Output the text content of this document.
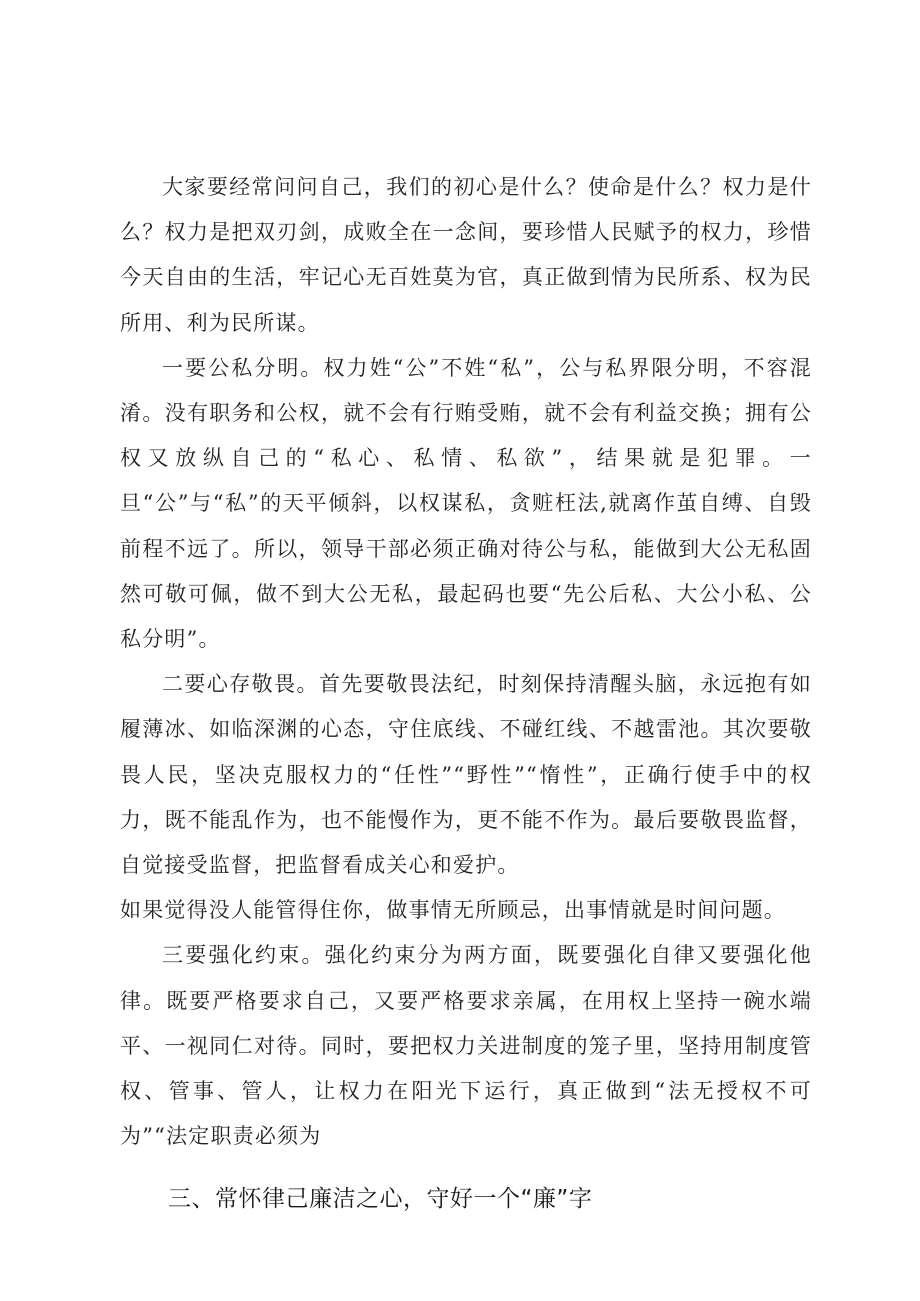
大家要经常问问自己，我们的初心是什么？使命是什么？权力是什么？权力是把双刃剑，成败全在一念间，要珍惜人民赋予的权力，珍惜今天自由的生活，牢记心无百姓莫为官，真正做到情为民所系、权为民所用、利为民所谋。

一要公私分明。权力姓“公”不姓“私”，公与私界限分明，不容混淆。没有职务和公权，就不会有行贿受贿，就不会有利益交换；拥有公权又放纵自己的“私心、私情、私欲”，结果就是犯罪。一旦“公”与“私”的天平倾斜，以权谋私，贪赃枉法,就离作茧自缚、自毁前程不远了。所以，领导干部必须正确对待公与私，能做到大公无私固然可敬可佩，做不到大公无私，最起码也要“先公后私、大公小私、公私分明”。

二要心存敬畏。首先要敬畏法纪，时刻保持清醒头脑，永远抱有如履薄冰、如临深渊的心态，守住底线、不碰红线、不越雷池。其次要敬畏人民，坚决克服权力的“任性”“野性”“惰性”，正确行使手中的权力，既不能乱作为，也不能慢作为，更不能不作为。最后要敬畏监督，自觉接受监督，把监督看成关心和爱护。

如果觉得没人能管得住你，做事情无所顾忌，出事情就是时间问题。

三要强化约束。强化约束分为两方面，既要强化自律又要强化他律。既要严格要求自己，又要严格要求亲属，在用权上坚持一碗水端平、一视同仁对待。同时，要把权力关进制度的笼子里，坚持用制度管权、管事、管人，让权力在阳光下运行，真正做到“法无授权不可为”“法定职责必须为

三、常怀律己廉洁之心，守好一个“廉”字
